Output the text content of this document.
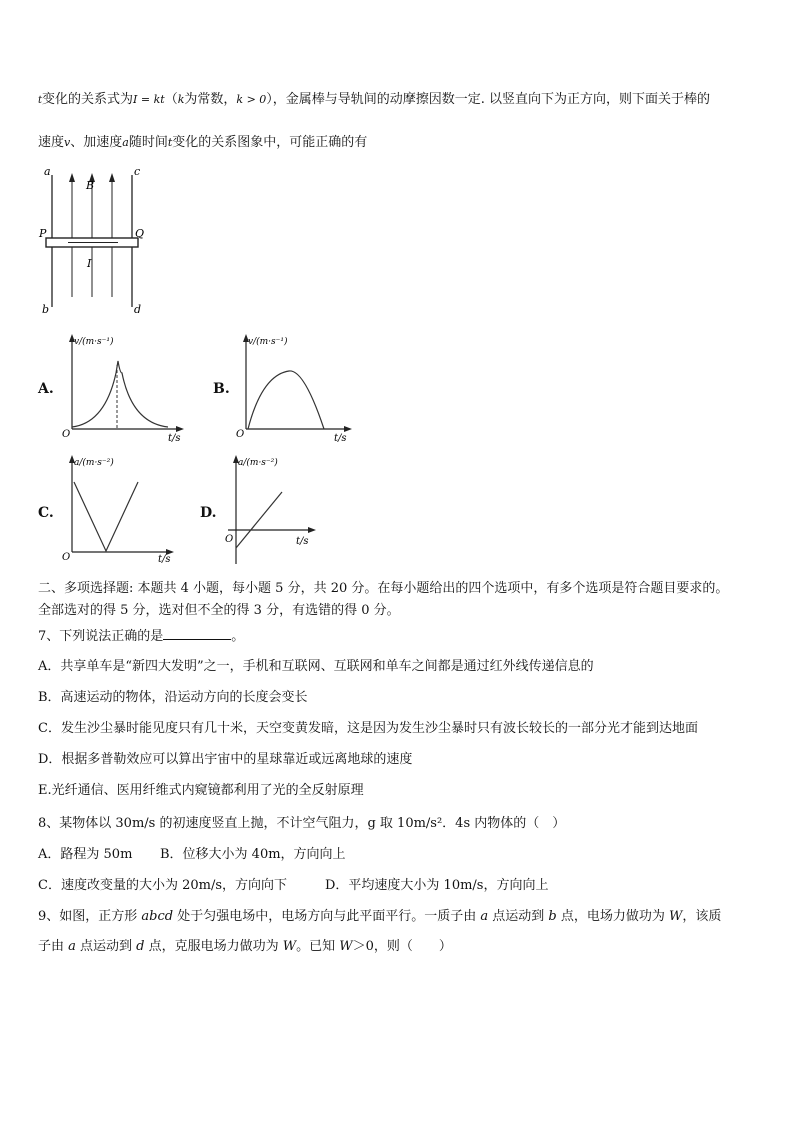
t变化的关系式为I = kt（k为常数，k > 0），金属棒与导轨间的动摩擦因数一定. 以竖直向下为正方向，则下面关于棒的
速度v、加速度a随时间t变化的关系图象中，可能正确的有
a
B
c
P	Q
I
b	d
A.
v/(m·s⁻¹)
t/s
O
B.
v/(m·s⁻¹)
t/s
O
C.
a/(m·s⁻²)
t/s
O
D.
a/(m·s⁻²)
t/s
O
二、多项选择题: 本题共 4 小题，每小题 5 分，共 20 分。在每小题给出的四个选项中，有多个选项是符合题目要求的。
全部选对的得 5 分，选对但不全的得 3 分，有选错的得 0 分。
7、下列说法正确的是	。
A．共享单车是“新四大发明”之一，手机和互联网、互联网和单车之间都是通过红外线传递信息的
B．高速运动的物体，沿运动方向的长度会变长
C．发生沙尘暴时能见度只有几十米，天空变黄发暗，这是因为发生沙尘暴时只有波长较长的一部分光才能到达地面
D．根据多普勒效应可以算出宇宙中的星球靠近或远离地球的速度
E.光纤通信、医用纤维式内窥镜都利用了光的全反射原理
8、某物体以 30m/s 的初速度竖直上抛，不计空气阻力，g 取 10m/s²．4s 内物体的（　）
A．路程为 50m B．位移大小为 40m，方向向上
C．速度改变量的大小为 20m/s，方向向下	D．平均速度大小为 10m/s，方向向上
9、如图，正方形 abcd 处于匀强电场中，电场方向与此平面平行。一质子由 a 点运动到 b 点，电场力做功为 W，该质
子由 a 点运动到 d 点，克服电场力做功为 W。已知 W＞0，则（　　）
